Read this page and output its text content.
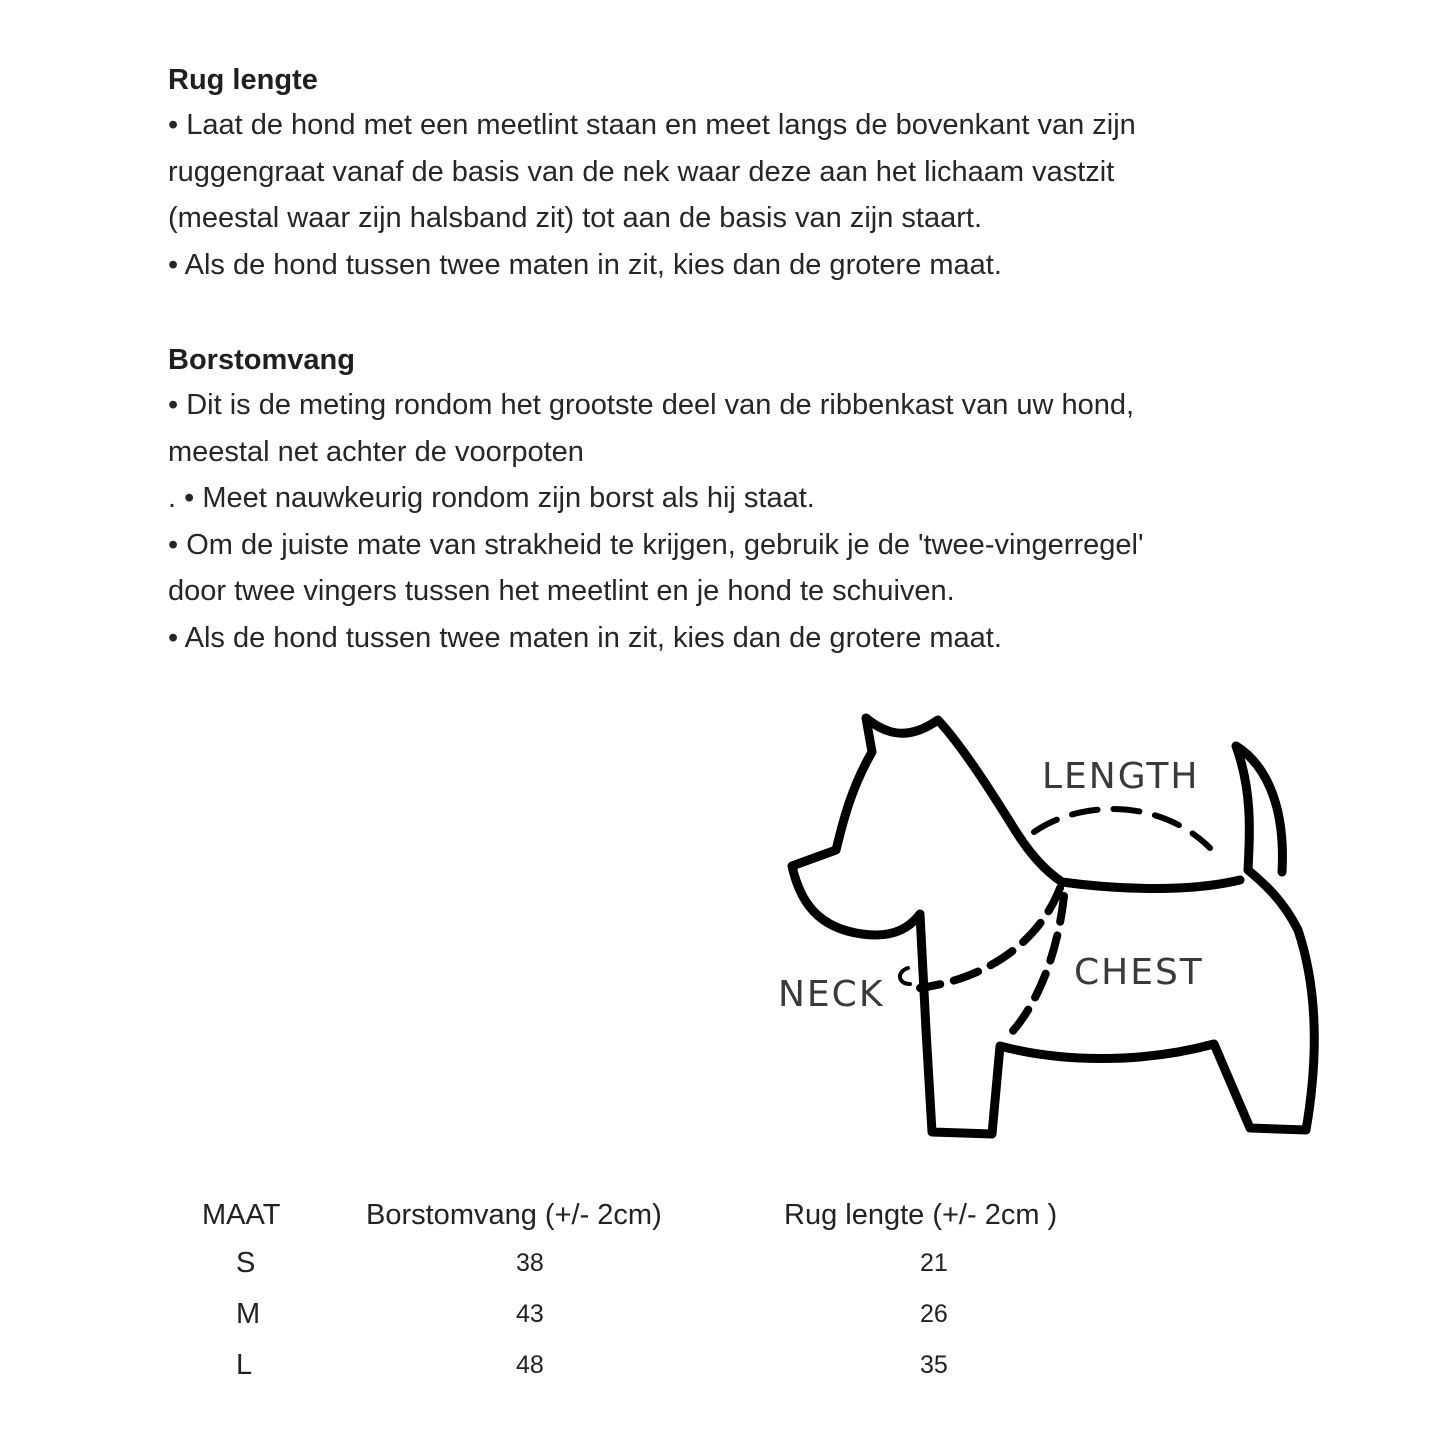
Rug lengte

• Laat de hond met een meetlint staan en meet langs de bovenkant van zijn

ruggengraat vanaf de basis van de nek waar deze aan het lichaam vastzit

(meestal waar zijn halsband zit) tot aan de basis van zijn staart.

• Als de hond tussen twee maten in zit, kies dan de grotere maat.

Borstomvang

• Dit is de meting rondom het grootste deel van de ribbenkast van uw hond,

meestal net achter de voorpoten

. • Meet nauwkeurig rondom zijn borst als hij staat.

• Om de juiste mate van strakheid te krijgen, gebruik je de 'twee-vingerregel'

door twee vingers tussen het meetlint en je hond te schuiven.

• Als de hond tussen twee maten in zit, kies dan de grotere maat.

LENGTH
CHEST
NECK
MAAT	Borstomvang (+/- 2cm)	Rug lengte (+/- 2cm )
S	38	21
M	43	26
L	48	35
